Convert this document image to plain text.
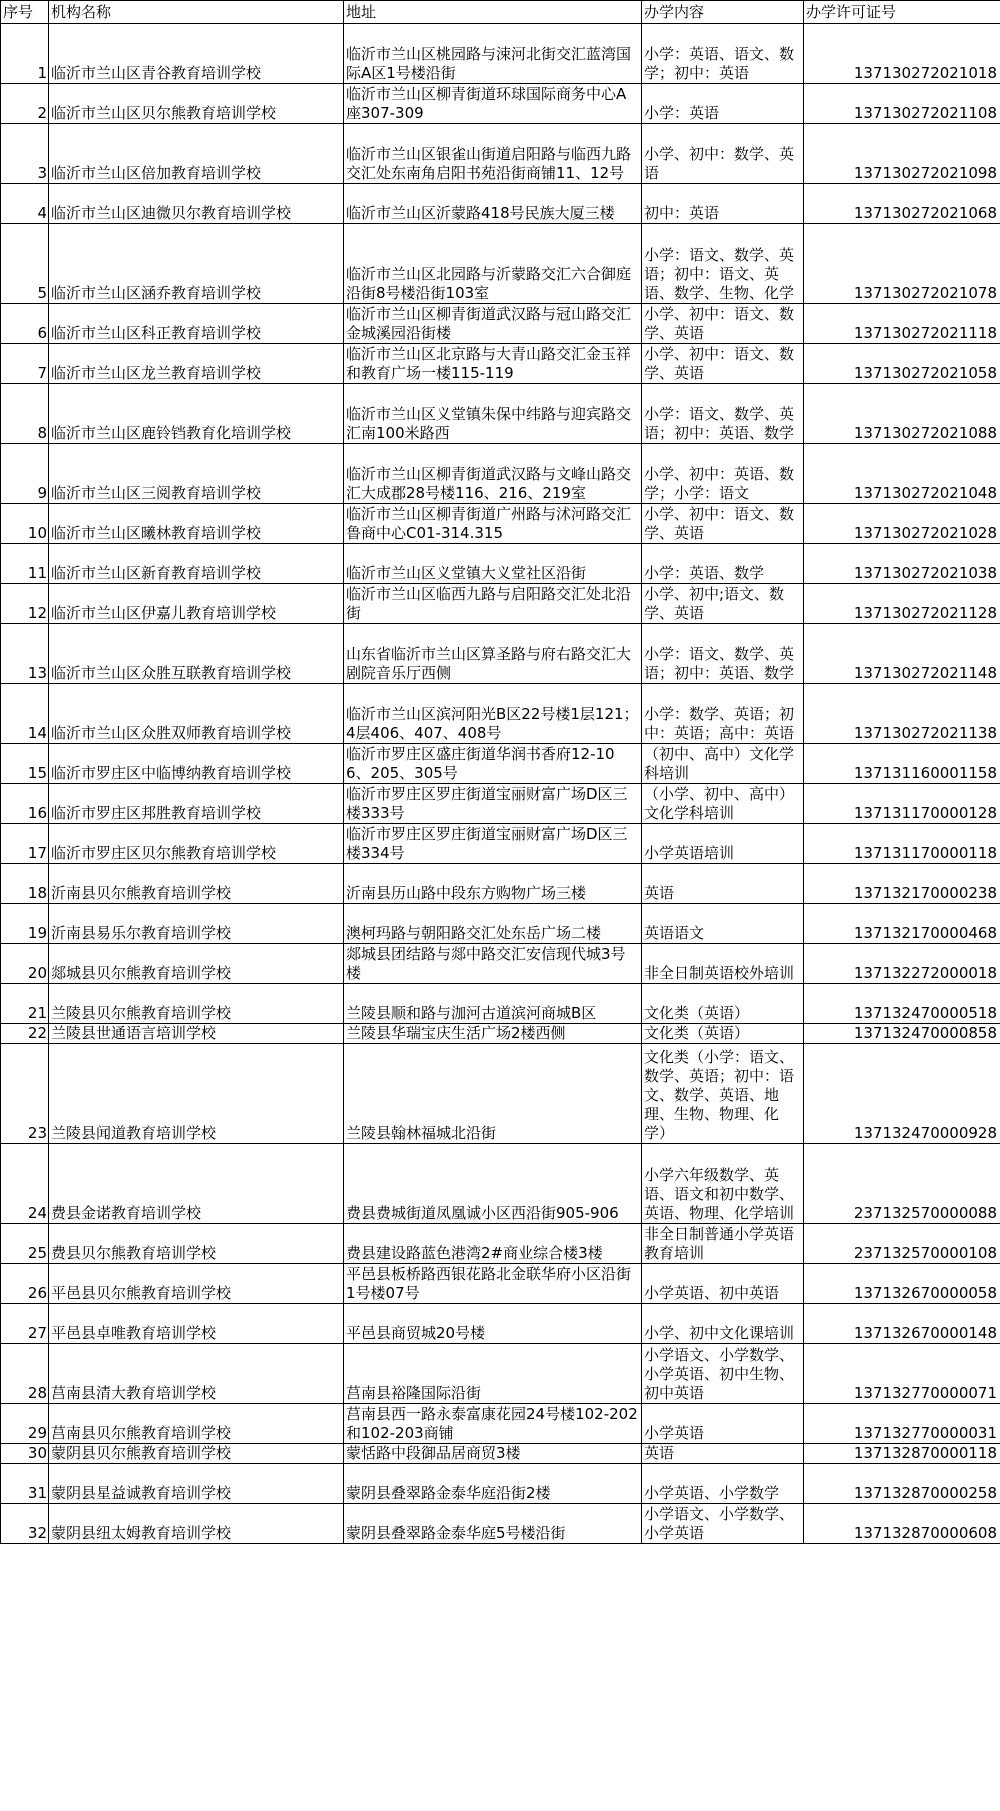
序号	机构名称	地址	办学内容	办学许可证号
1	临沂市兰山区青谷教育培训学校	临沂市兰山区桃园路与涑河北街交汇蓝湾国际A区1号楼沿街	小学：英语、语文、数学；初中：英语	137130272021018
2	临沂市兰山区贝尔熊教育培训学校	临沂市兰山区柳青街道环球国际商务中心A座307-309	小学：英语	137130272021108
3	临沂市兰山区倍加教育培训学校	临沂市兰山区银雀山街道启阳路与临西九路交汇处东南角启阳书苑沿街商铺11、12号	小学、初中：数学、英语	137130272021098
4	临沂市兰山区迪微贝尔教育培训学校	临沂市兰山区沂蒙路418号民族大厦三楼	初中：英语	137130272021068
5	临沂市兰山区涵乔教育培训学校	临沂市兰山区北园路与沂蒙路交汇六合御庭沿街8号楼沿街103室	小学：语文、数学、英语；初中：语文、英语、数学、生物、化学	137130272021078
6	临沂市兰山区科正教育培训学校	临沂市兰山区柳青街道武汉路与冠山路交汇金城溪园沿街楼	小学、初中：语文、数学、英语	137130272021118
7	临沂市兰山区龙兰教育培训学校	临沂市兰山区北京路与大青山路交汇金玉祥和教育广场一楼115-119	小学、初中：语文、数学、英语	137130272021058
8	临沂市兰山区鹿铃铛教育化培训学校	临沂市兰山区义堂镇朱保中纬路与迎宾路交汇南100米路西	小学：语文、数学、英语；初中：英语、数学	137130272021088
9	临沂市兰山区三阅教育培训学校	临沂市兰山区柳青街道武汉路与文峰山路交汇大成郡28号楼116、216、219室	小学、初中：英语、数学；小学：语文	137130272021048
10	临沂市兰山区曦林教育培训学校	临沂市兰山区柳青街道广州路与沭河路交汇鲁商中心C01-314.315	小学、初中：语文、数学、英语	137130272021028
11	临沂市兰山区新育教育培训学校	临沂市兰山区义堂镇大义堂社区沿街	小学：英语、数学	137130272021038
12	临沂市兰山区伊嘉儿教育培训学校	临沂市兰山区临西九路与启阳路交汇处北沿街	小学、初中;语文、数学、英语	137130272021128
13	临沂市兰山区众胜互联教育培训学校	山东省临沂市兰山区算圣路与府右路交汇大剧院音乐厅西侧	小学：语文、数学、英语；初中：英语、数学	137130272021148
14	临沂市兰山区众胜双师教育培训学校	临沂市兰山区滨河阳光B区22号楼1层121；4层406、407、408号	小学：数学、英语；初中：英语；高中：英语	137130272021138
15	临沂市罗庄区中临博纳教育培训学校	临沂市罗庄区盛庄街道华润书香府12-106、205、305号	（初中、高中）文化学科培训	137131160001158
16	临沂市罗庄区邦胜教育培训学校	临沂市罗庄区罗庄街道宝丽财富广场D区三楼333号	（小学、初中、高中）文化学科培训	137131170000128
17	临沂市罗庄区贝尔熊教育培训学校	临沂市罗庄区罗庄街道宝丽财富广场D区三楼334号	小学英语培训	137131170000118
18	沂南县贝尔熊教育培训学校	沂南县历山路中段东方购物广场三楼	英语	137132170000238
19	沂南县易乐尔教育培训学校	澳柯玛路与朝阳路交汇处东岳广场二楼	英语语文	137132170000468
20	郯城县贝尔熊教育培训学校	郯城县团结路与郯中路交汇安信现代城3号楼	非全日制英语校外培训	137132272000018
21	兰陵县贝尔熊教育培训学校	兰陵县顺和路与泇河古道滨河商城B区	文化类（英语）	137132470000518
22	兰陵县世通语言培训学校	兰陵县华瑞宝庆生活广场2楼西侧	文化类（英语）	137132470000858
23	兰陵县闻道教育培训学校	兰陵县翰林福城北沿街	文化类（小学：语文、数学、英语；初中：语文、数学、英语、地理、生物、物理、化学）	137132470000928
24	费县金诺教育培训学校	费县费城街道凤凰诚小区西沿街905-906	小学六年级数学、英语、语文和初中数学、英语、物理、化学培训	237132570000088
25	费县贝尔熊教育培训学校	费县建设路蓝色港湾2#商业综合楼3楼	非全日制普通小学英语教育培训	237132570000108
26	平邑县贝尔熊教育培训学校	平邑县板桥路西银花路北金联华府小区沿街1号楼07号	小学英语、初中英语	137132670000058
27	平邑县卓唯教育培训学校	平邑县商贸城20号楼	小学、初中文化课培训	137132670000148
28	莒南县清大教育培训学校	莒南县裕隆国际沿街	小学语文、小学数学、小学英语、初中生物、初中英语	137132770000071
29	莒南县贝尔熊教育培训学校	莒南县西一路永泰富康花园24号楼102-202和102-203商铺	小学英语	137132770000031
30	蒙阴县贝尔熊教育培训学校	蒙恬路中段御品居商贸3楼	英语	137132870000118
31	蒙阴县星益诚教育培训学校	蒙阴县叠翠路金泰华庭沿街2楼	小学英语、小学数学	137132870000258
32	蒙阴县纽太姆教育培训学校	蒙阴县叠翠路金泰华庭5号楼沿街	小学语文、小学数学、小学英语	137132870000608
